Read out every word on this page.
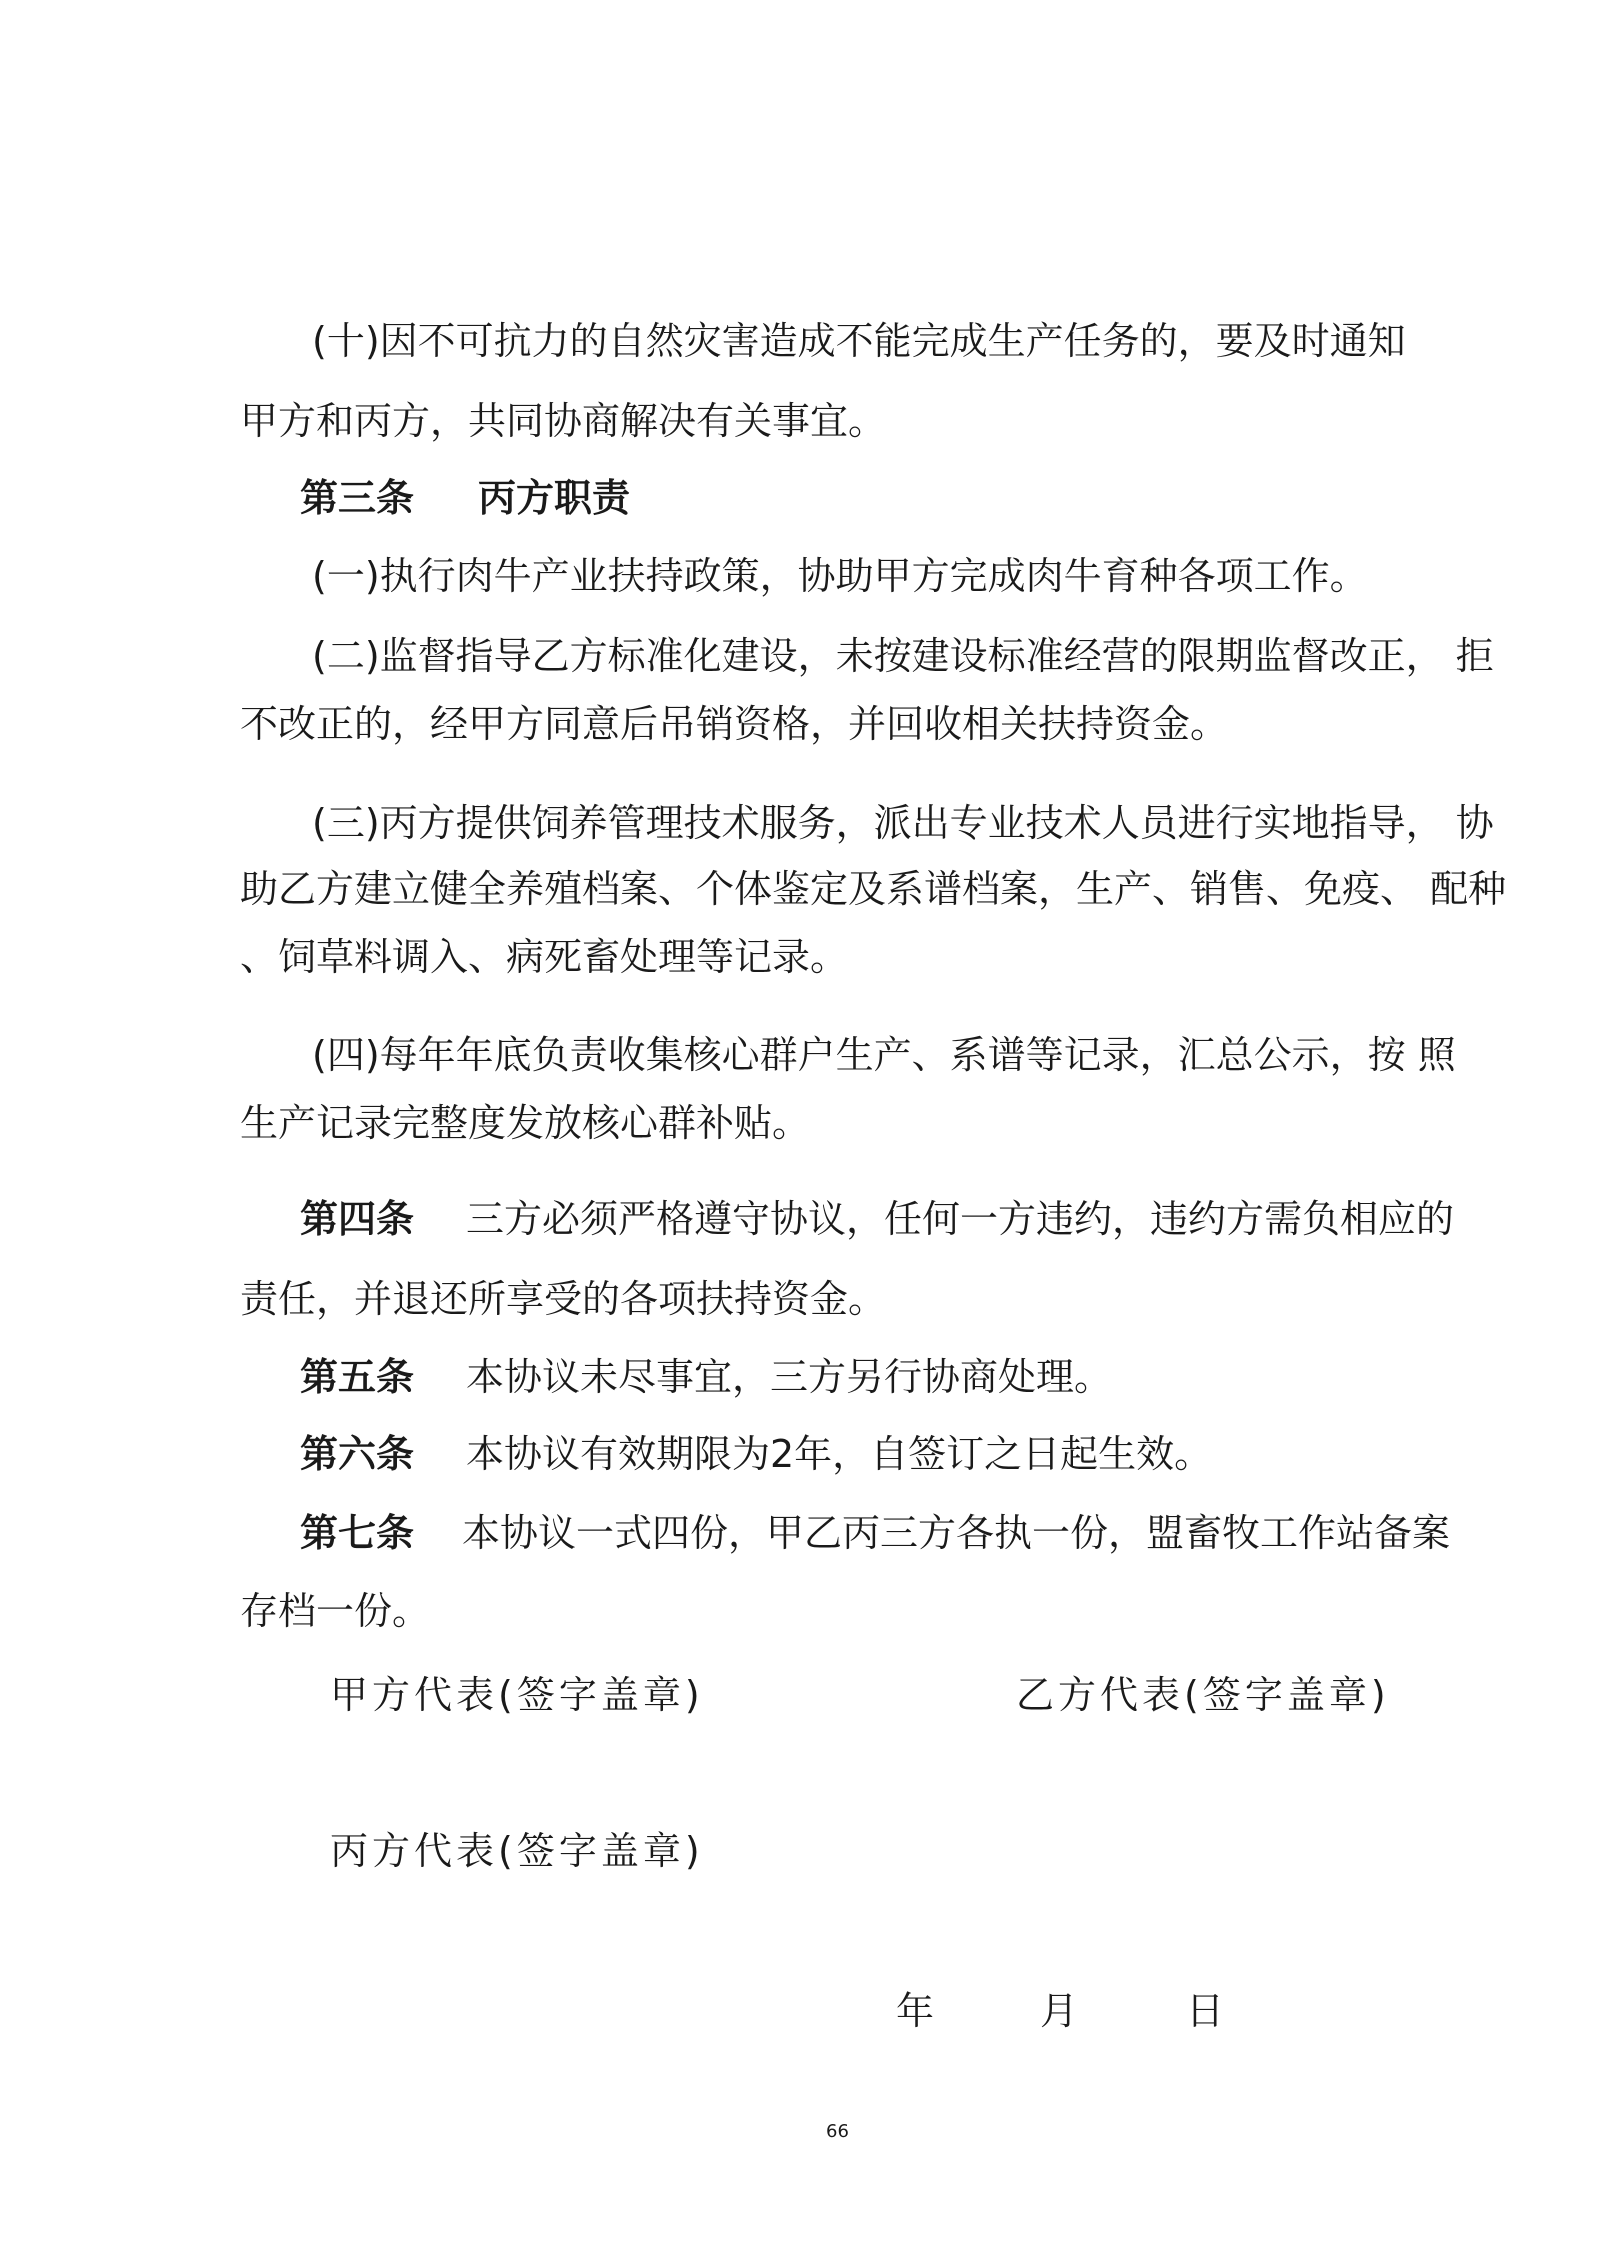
(十)因不可抗力的自然灾害造成不能完成生产任务的，要及时通知
甲方和丙方，共同协商解决有关事宜。
第三条 丙方职责
(一)执行肉牛产业扶持政策，协助甲方完成肉牛育种各项工作。
(二)监督指导乙方标准化建设，未按建设标准经营的限期监督改正， 拒
不改正的，经甲方同意后吊销资格，并回收相关扶持资金。
(三)丙方提供饲养管理技术服务，派出专业技术人员进行实地指导， 协
助乙方建立健全养殖档案、个体鉴定及系谱档案，生产、销售、免疫、 配种
、饲草料调入、病死畜处理等记录。
(四)每年年底负责收集核心群户生产、系谱等记录，汇总公示，按 照
生产记录完整度发放核心群补贴。
第四条 三方必须严格遵守协议，任何一方违约，违约方需负相应的
责任，并退还所享受的各项扶持资金。
第五条 本协议未尽事宜，三方另行协商处理。
第六条 本协议有效期限为2年，自签订之日起生效。
第七条 本协议一式四份，甲乙丙三方各执一份，盟畜牧工作站备案
存档一份。
甲方代表(签字盖章)	乙方代表(签字盖章)
丙方代表(签字盖章)
年	月	日
66
